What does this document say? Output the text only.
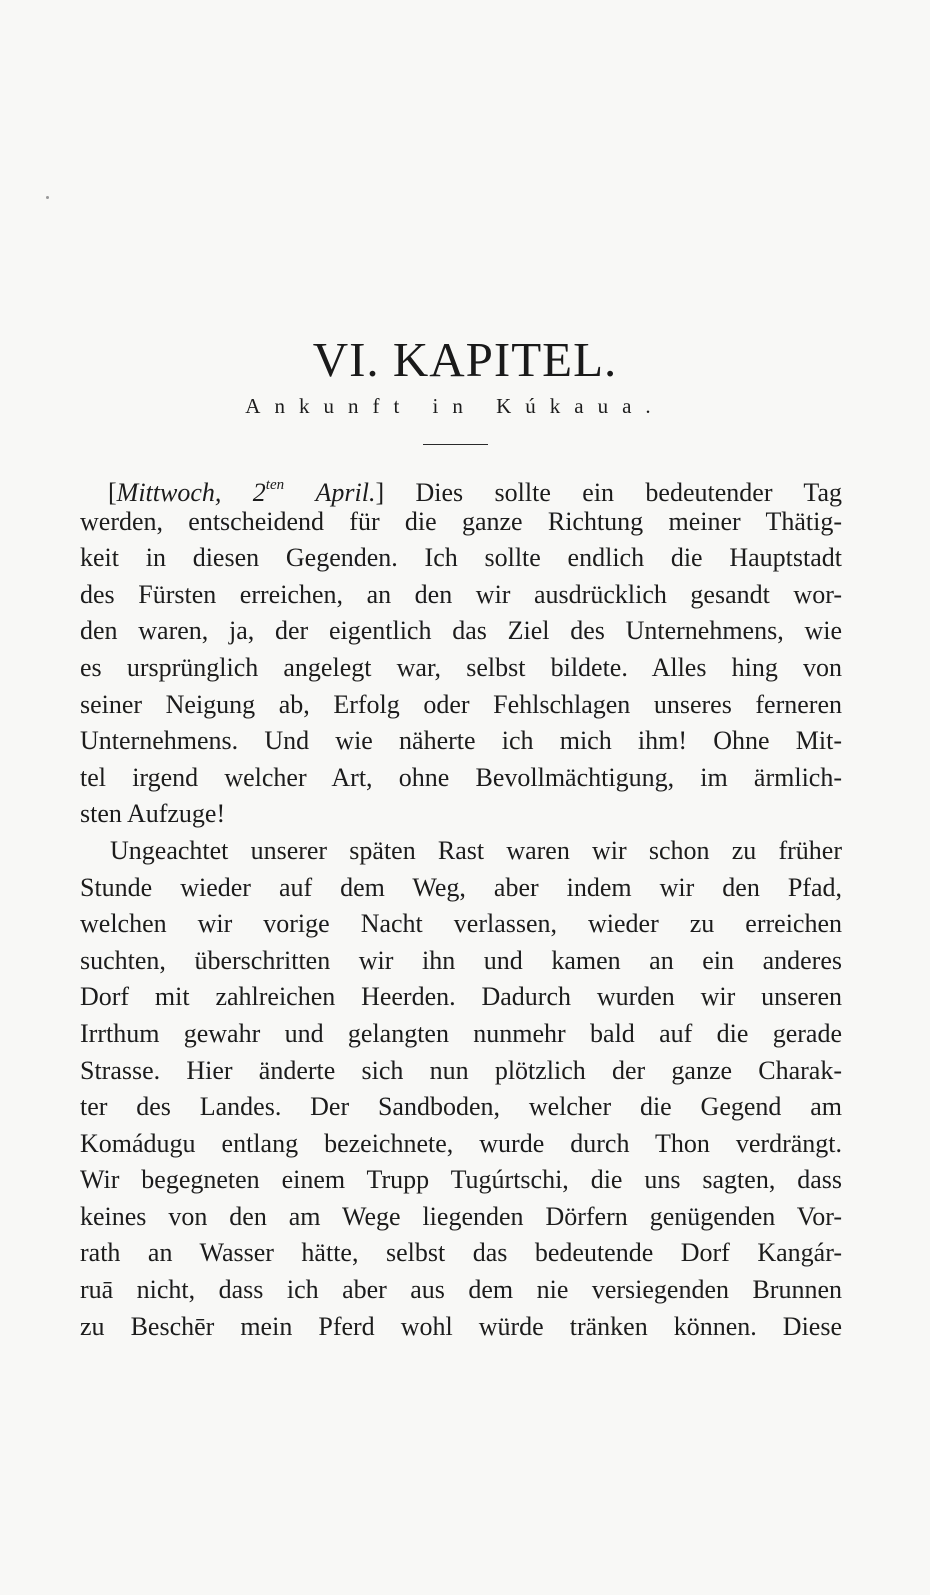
VI. KAPITEL.
Ankunft in Kúkaua.
[Mittwoch, $2^{ten}$ April.] Dies sollte ein bedeutender Tag
werden, entscheidend für die ganze Richtung meiner Thätig-
keit in diesen Gegenden. Ich sollte endlich die Hauptstadt
des Fürsten erreichen, an den wir ausdrücklich gesandt wor-
den waren, ja, der eigentlich das Ziel des Unternehmens, wie
es ursprünglich angelegt war, selbst bildete. Alles hing von
seiner Neigung ab, Erfolg oder Fehlschlagen unseres ferneren
Unternehmens. Und wie näherte ich mich ihm! Ohne Mit-
tel irgend welcher Art, ohne Bevollmächtigung, im ärmlich-
sten Aufzuge!
Ungeachtet unserer späten Rast waren wir schon zu früher
Stunde wieder auf dem Weg, aber indem wir den Pfad,
welchen wir vorige Nacht verlassen, wieder zu erreichen
suchten, überschritten wir ihn und kamen an ein anderes
Dorf mit zahlreichen Heerden. Dadurch wurden wir unseren
Irrthum gewahr und gelangten nunmehr bald auf die gerade
Strasse. Hier änderte sich nun plötzlich der ganze Charak-
ter des Landes. Der Sandboden, welcher die Gegend am
Komádugu entlang bezeichnete, wurde durch Thon verdrängt.
Wir begegneten einem Trupp Tugúrtschi, die uns sagten, dass
keines von den am Wege liegenden Dörfern genügenden Vor-
rath an Wasser hätte, selbst das bedeutende Dorf Kangár-
ruā nicht, dass ich aber aus dem nie versiegenden Brunnen
zu Beschēr mein Pferd wohl würde tränken können. Diese
